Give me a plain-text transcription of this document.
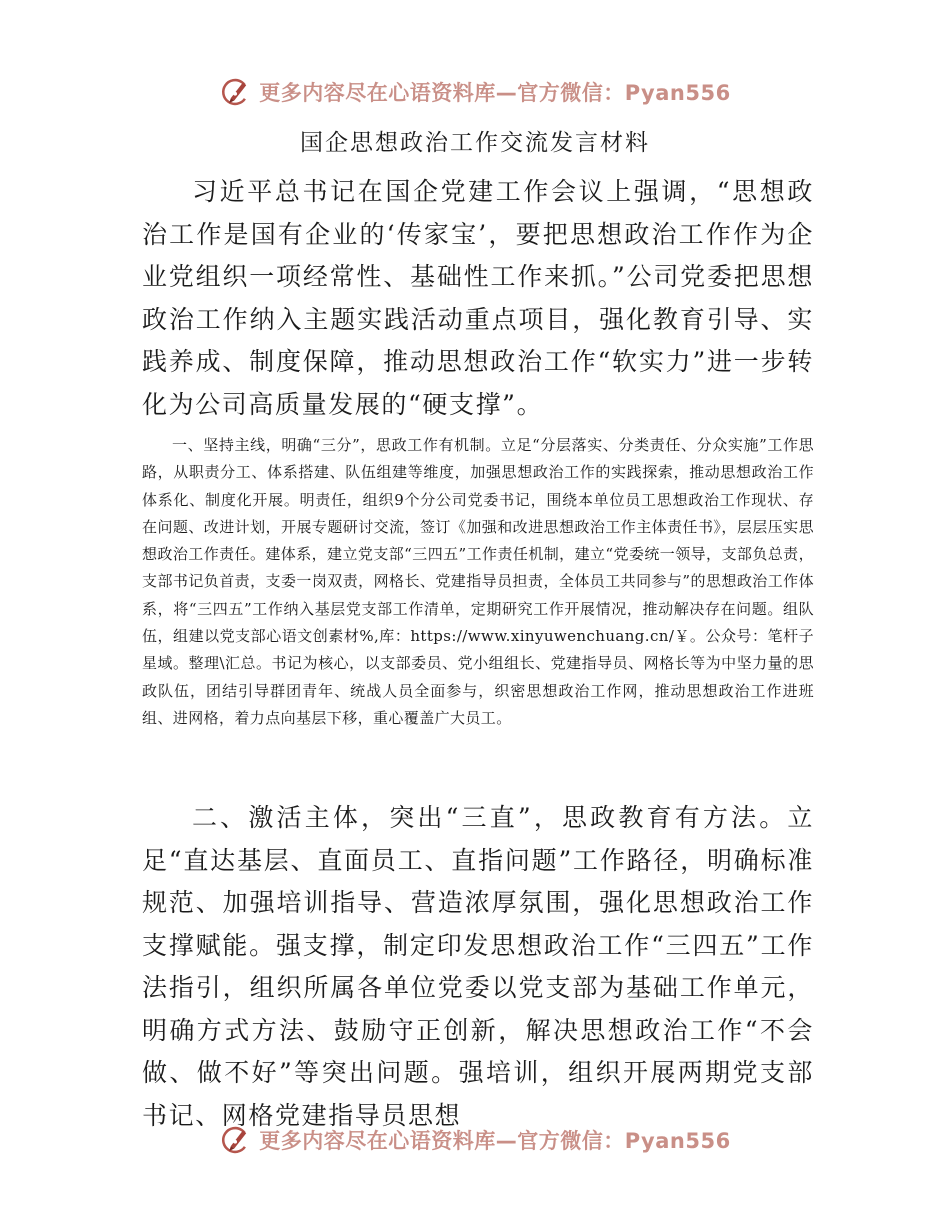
更多内容尽在心语资料库—官方微信：Pyan556
国企思想政治工作交流发言材料

习近平总书记在国企党建工作会议上强调，“思想政治工作是国有企业的‘传家宝’，要把思想政治工作作为企业党组织一项经常性、基础性工作来抓。”公司党委把思想政治工作纳入主题实践活动重点项目，强化教育引导、实践养成、制度保障，推动思想政治工作“软实力”进一步转化为公司高质量发展的“硬支撑”。

一、坚持主线，明确“三分”，思政工作有机制。立足“分层落实、分类责任、分众实施”工作思路，从职责分工、体系搭建、队伍组建等维度，加强思想政治工作的实践探索，推动思想政治工作体系化、制度化开展。明责任，组织9个分公司党委书记，围绕本单位员工思想政治工作现状、存在问题、改进计划，开展专题研讨交流，签订《加强和改进思想政治工作主体责任书》，层层压实思想政治工作责任。建体系，建立党支部“三四五”工作责任机制，建立“党委统一领导，支部负总责，支部书记负首责，支委一岗双责，网格长、党建指导员担责，全体员工共同参与”的思想政治工作体系，将“三四五”工作纳入基层党支部工作清单，定期研究工作开展情况，推动解决存在问题。组队伍，组建以党支部心语文创素材%,库：https://www.xinyuwenchuang.cn/￥。公众号：笔杆子星域。整理\汇总。书记为核心，以支部委员、党小组组长、党建指导员、网格长等为中坚力量的思政队伍，团结引导群团青年、统战人员全面参与，织密思想政治工作网，推动思想政治工作进班组、进网格，着力点向基层下移，重心覆盖广大员工。

二、激活主体，突出“三直”，思政教育有方法。立足“直达基层、直面员工、直指问题”工作路径，明确标准规范、加强培训指导、营造浓厚氛围，强化思想政治工作支撑赋能。强支撑，制定印发思想政治工作“三四五”工作法指引，组织所属各单位党委以党支部为基础工作单元，明确方式方法、鼓励守正创新，解决思想政治工作“不会做、做不好”等突出问题。强培训，组织开展两期党支部书记、网格党建指导员思想

更多内容尽在心语资料库—官方微信：Pyan556
